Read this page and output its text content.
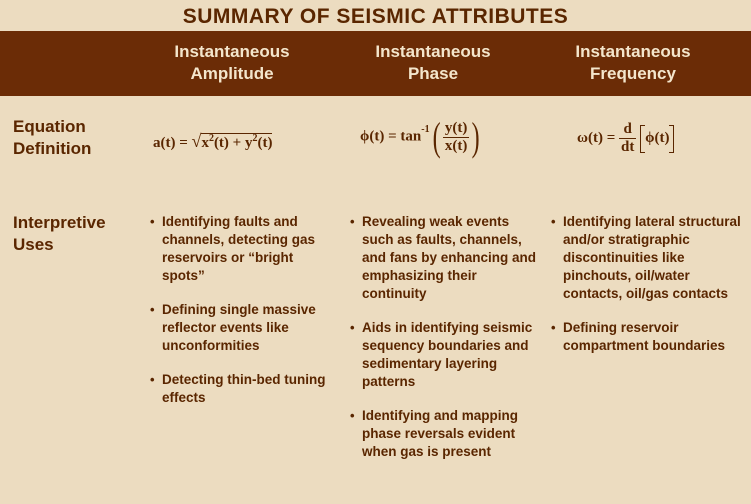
SUMMARY OF SEISMIC ATTRIBUTES
Instantaneous
Amplitude
Instantaneous
Phase
Instantaneous
Frequency
Equation
Definition
Interpretive
Uses
$a(t) = √x^2(t) + y^2(t)$	$\phi(t) = \tan^{-1}( \frac{y(t)}{x(t)}$ )	$\omega(t) = \frac{d}{dt} \phi(t)$
• Identifying faults and channels, detecting gas reservoirs or “bright spots”
• Defining single massive reflector events like unconformities
• Detecting thin-bed tuning effects
• Revealing weak events such as faults, channels, and fans by enhancing and emphasizing their continuity
• Aids in identifying seismic sequency boundaries and sedimentary layering patterns
• Identifying and mapping phase reversals evident when gas is present
• Identifying lateral structural and/or stratigraphic discontinuities like pinchouts, oil/water contacts, oil/gas contacts
• Defining reservoir compartment boundaries
